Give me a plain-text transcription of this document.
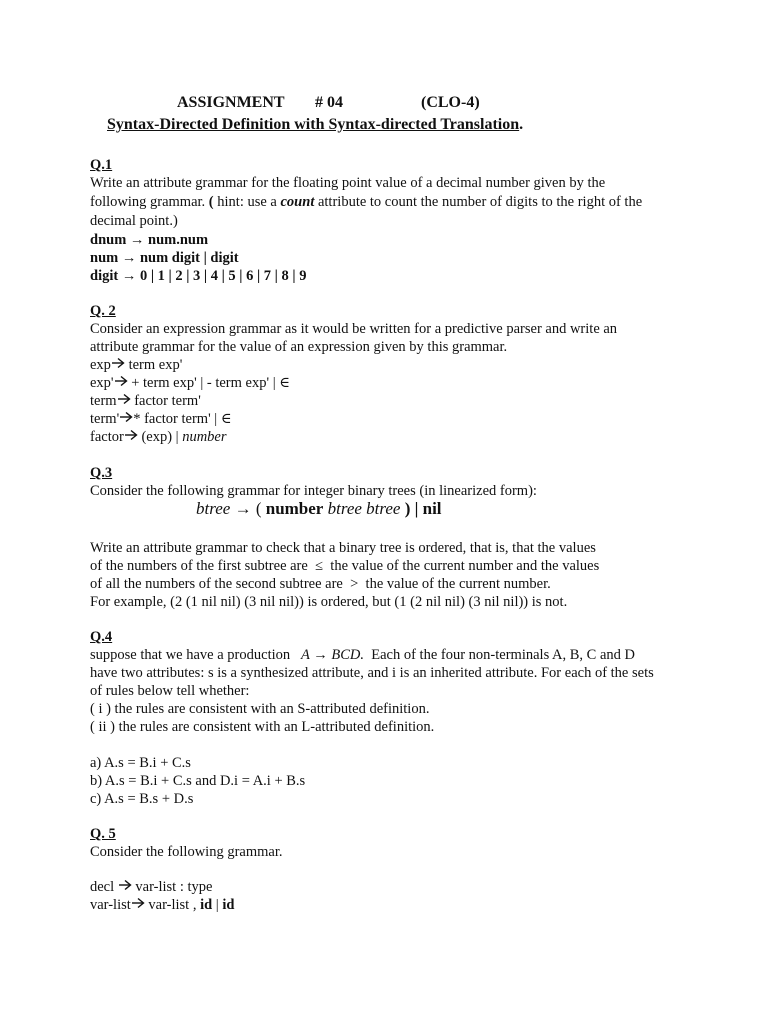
ASSIGNMENT # 04	(CLO-4)
Syntax-Directed Definition with Syntax-directed Translation.
Q.1
Write an attribute grammar for the floating point value of a decimal number given by the
following grammar. ( hint: use a count attribute to count the number of digits to the right of the
decimal point.)
dnum → num.num
num → num digit | digit
digit → 0 | 1 | 2 | 3 | 4 | 5 | 6 | 7 | 8 | 9
Q. 2
Consider an expression grammar as it would be written for a predictive parser and write an
attribute grammar for the value of an expression given by this grammar.
exp term exp'
exp' + term exp' | - term exp' | ∈
term factor term'
term' * factor term' | ∈
factor (exp) | number
Q.3
Consider the following grammar for integer binary trees (in linearized form):
btree → ( number btree btree ) | nil
Write an attribute grammar to check that a binary tree is ordered, that is, that the values
of the numbers of the first subtree are ≤ the value of the current number and the values
of all the numbers of the second subtree are > the value of the current number.
For example, (2 (1 nil nil) (3 nil nil)) is ordered, but (1 (2 nil nil) (3 nil nil)) is not.
Q.4
suppose that we have a production A → BCD. Each of the four non-terminals A, B, C and D
have two attributes: s is a synthesized attribute, and i is an inherited attribute. For each of the sets
of rules below tell whether:
( i ) the rules are consistent with an S-attributed definition.
( ii ) the rules are consistent with an L-attributed definition.
a) A.s = B.i + C.s
b) A.s = B.i + C.s and D.i = A.i + B.s
c) A.s = B.s + D.s
Q. 5
Consider the following grammar.
decl  var-list : type
var-list var-list , id | id
